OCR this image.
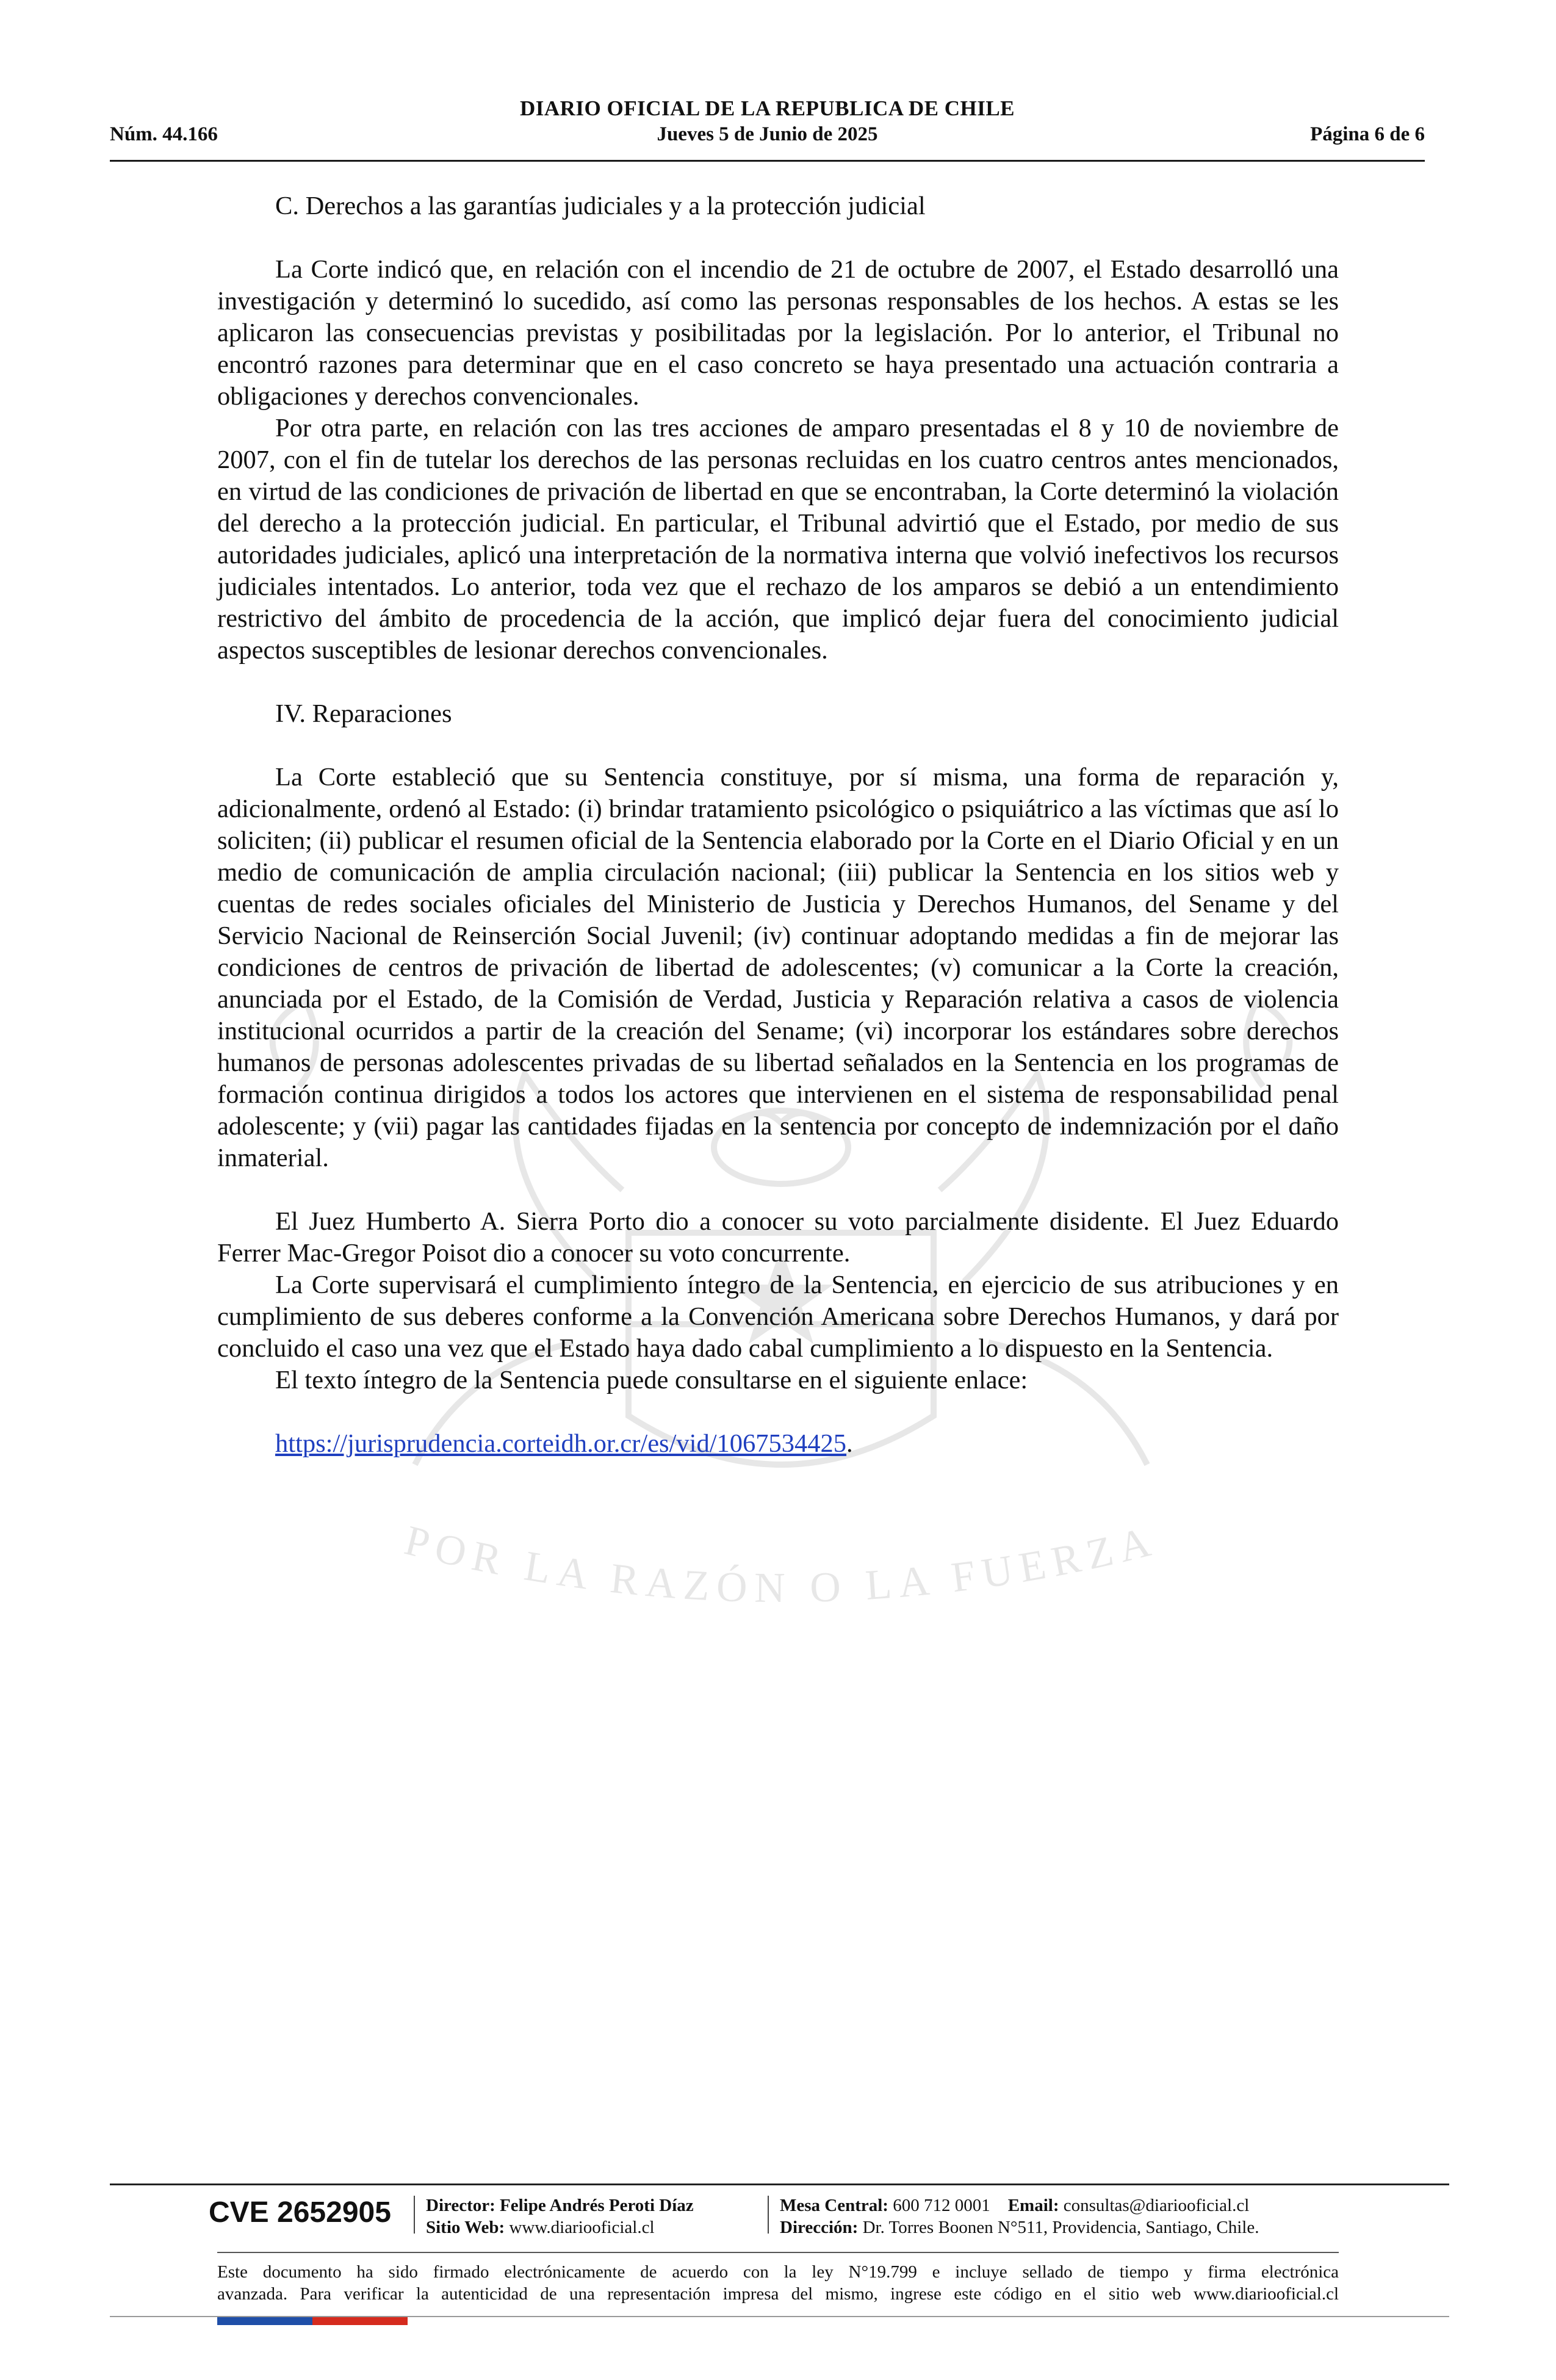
DIARIO OFICIAL DE LA REPUBLICA DE CHILE
Núm. 44.166	Jueves 5 de Junio de 2025	Página 6 de 6
POR LA RAZÓN O LA FUERZA
C. Derechos a las garantías judiciales y a la protección judicial

La Corte indicó que, en relación con el incendio de 21 de octubre de 2007, el Estado desarrolló una investigación y determinó lo sucedido, así como las personas responsables de los hechos. A estas se les aplicaron las consecuencias previstas y posibilitadas por la legislación. Por lo anterior, el Tribunal no encontró razones para determinar que en el caso concreto se haya presentado una actuación contraria a obligaciones y derechos convencionales.

Por otra parte, en relación con las tres acciones de amparo presentadas el 8 y 10 de noviembre de 2007, con el fin de tutelar los derechos de las personas recluidas en los cuatro centros antes mencionados, en virtud de las condiciones de privación de libertad en que se encontraban, la Corte determinó la violación del derecho a la protección judicial. En particular, el Tribunal advirtió que el Estado, por medio de sus autoridades judiciales, aplicó una interpretación de la normativa interna que volvió inefectivos los recursos judiciales intentados. Lo anterior, toda vez que el rechazo de los amparos se debió a un entendimiento restrictivo del ámbito de procedencia de la acción, que implicó dejar fuera del conocimiento judicial aspectos susceptibles de lesionar derechos convencionales.

IV. Reparaciones

La Corte estableció que su Sentencia constituye, por sí misma, una forma de reparación y, adicionalmente, ordenó al Estado: (i) brindar tratamiento psicológico o psiquiátrico a las víctimas que así lo soliciten; (ii) publicar el resumen oficial de la Sentencia elaborado por la Corte en el Diario Oficial y en un medio de comunicación de amplia circulación nacional; (iii) publicar la Sentencia en los sitios web y cuentas de redes sociales oficiales del Ministerio de Justicia y Derechos Humanos, del Sename y del Servicio Nacional de Reinserción Social Juvenil; (iv) continuar adoptando medidas a fin de mejorar las condiciones de centros de privación de libertad de adolescentes; (v) comunicar a la Corte la creación, anunciada por el Estado, de la Comisión de Verdad, Justicia y Reparación relativa a casos de violencia institucional ocurridos a partir de la creación del Sename; (vi) incorporar los estándares sobre derechos humanos de personas adolescentes privadas de su libertad señalados en la Sentencia en los programas de formación continua dirigidos a todos los actores que intervienen en el sistema de responsabilidad penal adolescente; y (vii) pagar las cantidades fijadas en la sentencia por concepto de indemnización por el daño inmaterial.

El Juez Humberto A. Sierra Porto dio a conocer su voto parcialmente disidente. El Juez Eduardo Ferrer Mac-Gregor Poisot dio a conocer su voto concurrente.

La Corte supervisará el cumplimiento íntegro de la Sentencia, en ejercicio de sus atribuciones y en cumplimiento de sus deberes conforme a la Convención Americana sobre Derechos Humanos, y dará por concluido el caso una vez que el Estado haya dado cabal cumplimiento a lo dispuesto en la Sentencia.

El texto íntegro de la Sentencia puede consultarse en el siguiente enlace:

https://jurisprudencia.corteidh.or.cr/es/vid/1067534425.

CVE 2652905 Director: Felipe Andrés Peroti Díaz
Sitio Web: www.diariooficial.cl
Mesa Central: 600 712 0001 Email: consultas@diariooficial.cl
Dirección: Dr. Torres Boonen N°511, Providencia, Santiago, Chile.
Este documento ha sido firmado electrónicamente de acuerdo con la ley N°19.799 e incluye sellado de tiempo y firma electrónica
avanzada. Para verificar la autenticidad de una representación impresa del mismo, ingrese este código en el sitio web www.diariooficial.cl
